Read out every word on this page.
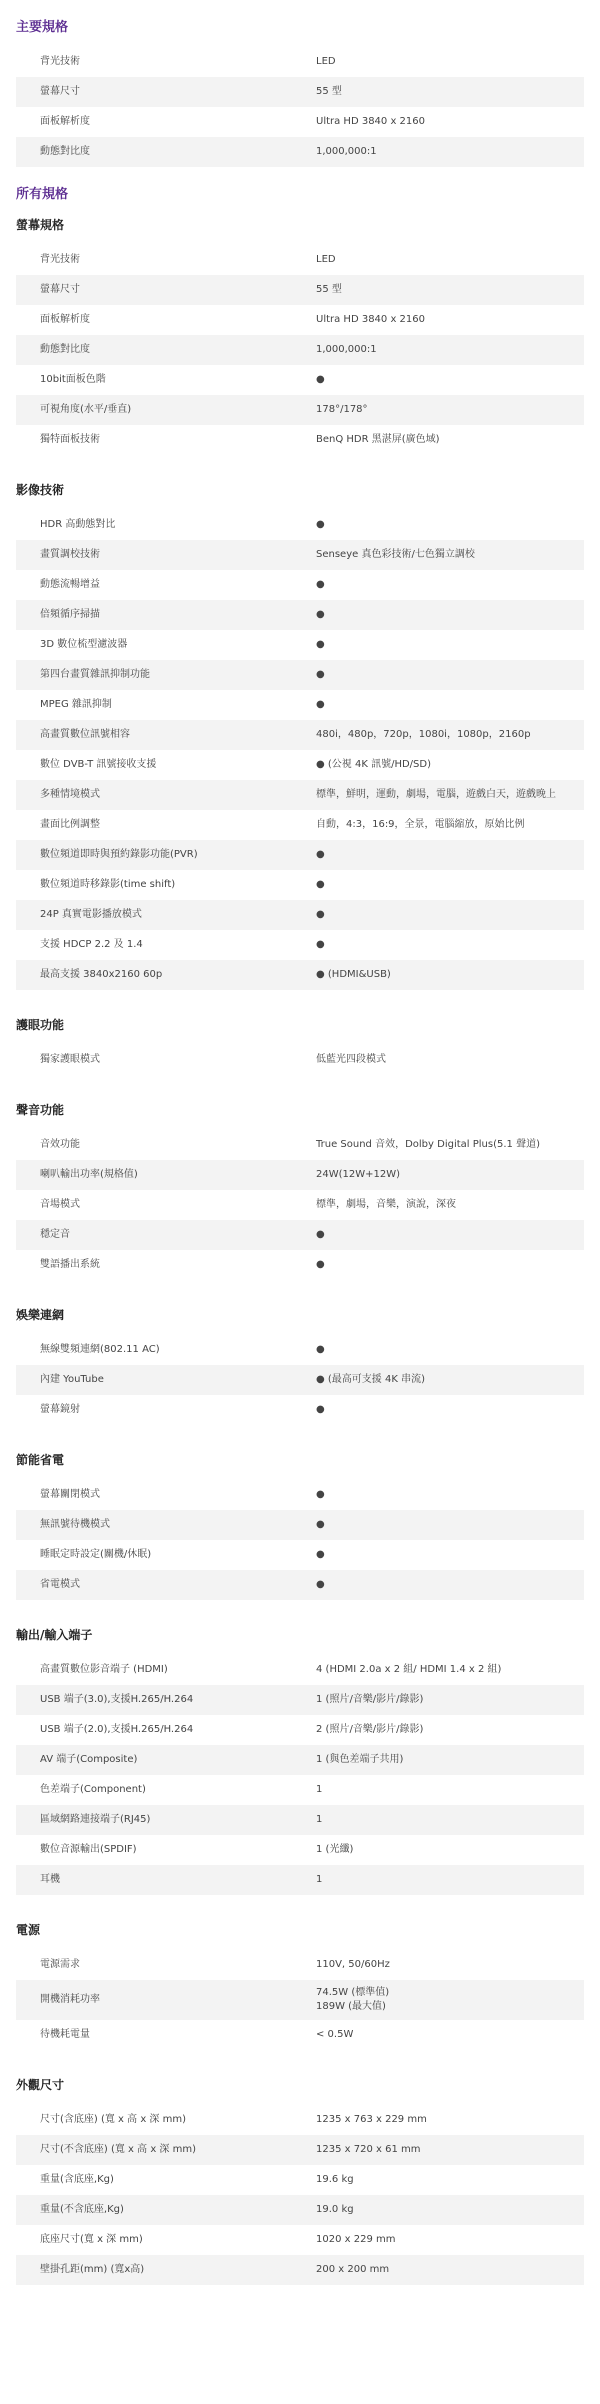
主要規格
背光技術	LED
螢幕尺寸	55 型
面板解析度	Ultra HD 3840 x 2160
動態對比度	1,000,000:1
所有規格
螢幕規格
背光技術	LED
螢幕尺寸	55 型
面板解析度	Ultra HD 3840 x 2160
動態對比度	1,000,000:1
10bit面板色階	●
可視角度(水平/垂直)	178°/178°
獨特面板技術	BenQ HDR 黑湛屏(廣色域)
影像技術
HDR 高動態對比	●
畫質調校技術	Senseye 真色彩技術/七色獨立調校
動態流暢增益	●
倍頻循序掃描	●
3D 數位梳型濾波器	●
第四台畫質雜訊抑制功能	●
MPEG 雜訊抑制	●
高畫質數位訊號相容	480i，480p，720p，1080i，1080p，2160p
數位 DVB-T 訊號接收支援	● (公視 4K 訊號/HD/SD)
多種情境模式	標準，鮮明，運動，劇場，電腦，遊戲白天，遊戲晚上
畫面比例調整	自動，4:3，16:9，全景，電腦縮放，原始比例
數位頻道即時與預約錄影功能(PVR)	●
數位頻道時移錄影(time shift)	●
24P 真實電影播放模式	●
支援 HDCP 2.2 及 1.4	●
最高支援 3840x2160 60p	● (HDMI&USB)
護眼功能
獨家護眼模式	低藍光四段模式
聲音功能
音效功能	True Sound 音效，Dolby Digital Plus(5.1 聲道)
喇叭輸出功率(規格值)	24W(12W+12W)
音場模式	標準，劇場，音樂，演說，深夜
穩定音	●
雙語播出系統	●
娛樂連網
無線雙頻連網(802.11 AC)	●
內建 YouTube	● (最高可支援 4K 串流)
螢幕鏡射	●
節能省電
螢幕關閉模式	●
無訊號待機模式	●
睡眠定時設定(關機/休眠)	●
省電模式	●
輸出/輸入端子
高畫質數位影音端子 (HDMI)	4 (HDMI 2.0a x 2 組/ HDMI 1.4 x 2 組)
USB 端子(3.0),支援H.265/H.264	1 (照片/音樂/影片/錄影)
USB 端子(2.0),支援H.265/H.264	2 (照片/音樂/影片/錄影)
AV 端子(Composite)	1 (與色差端子共用)
色差端子(Component)	1
區域網路連接端子(RJ45)	1
數位音源輸出(SPDIF)	1 (光纖)
耳機	1
電源
電源需求	110V, 50/60Hz
開機消耗功率	74.5W (標準值)
189W (最大值)

待機耗電量	< 0.5W
外觀尺寸
尺寸(含底座) (寬 x 高 x 深 mm)	1235 x 763 x 229 mm
尺寸(不含底座) (寬 x 高 x 深 mm)	1235 x 720 x 61 mm
重量(含底座,Kg)	19.6 kg
重量(不含底座,Kg)	19.0 kg
底座尺寸(寬 x 深 mm)	1020 x 229 mm
壁掛孔距(mm) (寬x高)	200 x 200 mm
